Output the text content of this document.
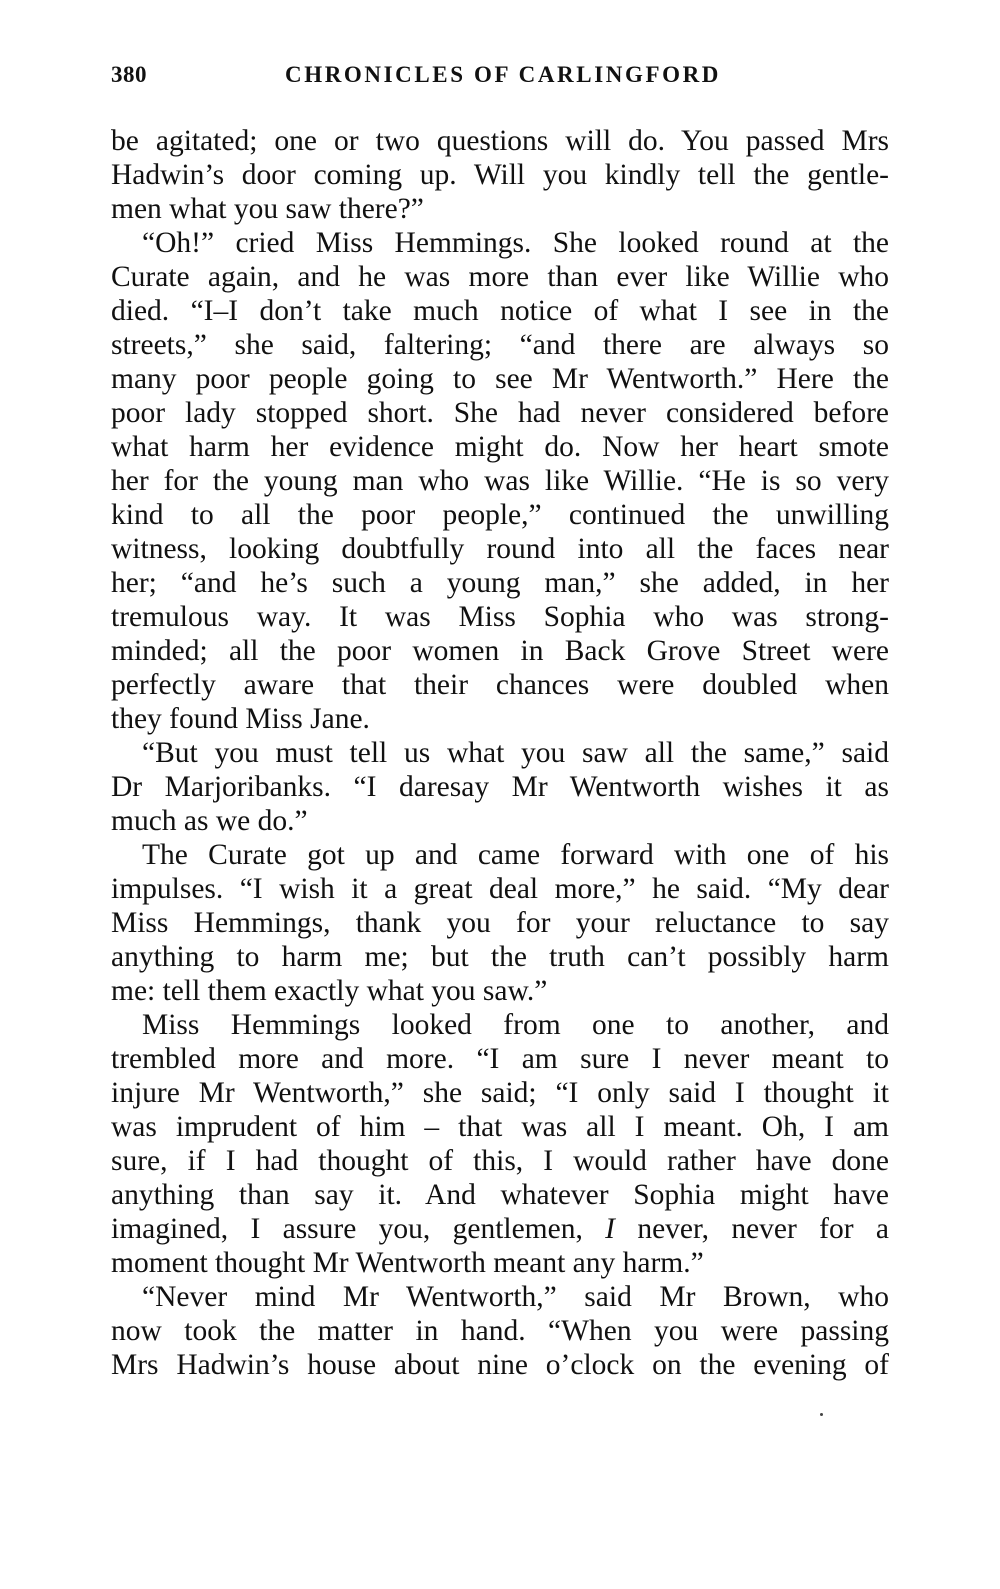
380	CHRONICLES OF CARLINGFORD
be agitated; one or two questions will do. You passed Mrs
Hadwin’s door coming up. Will you kindly tell the gentle-
men what you saw there?”
“Oh!” cried Miss Hemmings. She looked round at the
Curate again, and he was more than ever like Willie who
died. “I–I don’t take much notice of what I see in the
streets,” she said, faltering; “and there are always so
many poor people going to see Mr Wentworth.” Here the
poor lady stopped short. She had never considered before
what harm her evidence might do. Now her heart smote
her for the young man who was like Willie. “He is so very
kind to all the poor people,” continued the unwilling
witness, looking doubtfully round into all the faces near
her; “and he’s such a young man,” she added, in her
tremulous way. It was Miss Sophia who was strong-
minded; all the poor women in Back Grove Street were
perfectly aware that their chances were doubled when
they found Miss Jane.
“But you must tell us what you saw all the same,” said
Dr Marjoribanks. “I daresay Mr Wentworth wishes it as
much as we do.”
The Curate got up and came forward with one of his
impulses. “I wish it a great deal more,” he said. “My dear
Miss Hemmings, thank you for your reluctance to say
anything to harm me; but the truth can’t possibly harm
me: tell them exactly what you saw.”
Miss Hemmings looked from one to another, and
trembled more and more. “I am sure I never meant to
injure Mr Wentworth,” she said; “I only said I thought it
was imprudent of him – that was all I meant. Oh, I am
sure, if I had thought of this, I would rather have done
anything than say it. And whatever Sophia might have
imagined, I assure you, gentlemen, I never, never for a
moment thought Mr Wentworth meant any harm.”
“Never mind Mr Wentworth,” said Mr Brown, who
now took the matter in hand. “When you were passing
Mrs Hadwin’s house about nine o’clock on the evening of
